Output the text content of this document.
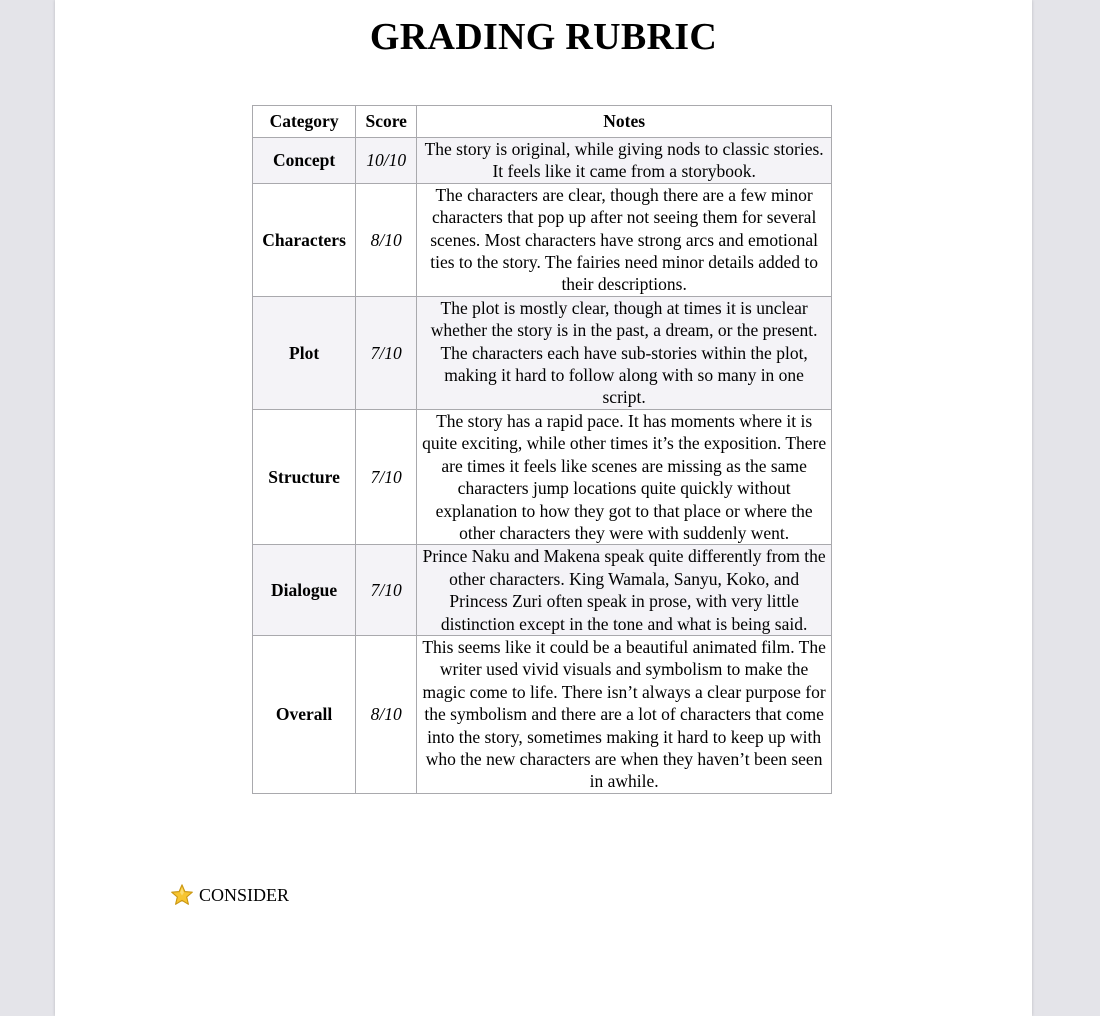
GRADING RUBRIC
Category	Score	Notes
Concept	10/10	The story is original, while giving nods to classic stories. It feels like it came from a storybook.
Characters	8/10	The characters are clear, though there are a few minor characters that pop up after not seeing them for several scenes. Most characters have strong arcs and emotional ties to the story. The fairies need minor details added to their descriptions.
Plot	7/10	The plot is mostly clear, though at times it is unclear whether the story is in the past, a dream, or the present. The characters each have sub-stories within the plot, making it hard to follow along with so many in one script.
Structure	7/10	The story has a rapid pace. It has moments where it is quite exciting, while other times it’s the exposition. There are times it feels like scenes are missing as the same characters jump locations quite quickly without explanation to how they got to that place or where the other characters they were with suddenly went.
Dialogue	7/10	Prince Naku and Makena speak quite differently from the other characters. King Wamala, Sanyu, Koko, and Princess Zuri often speak in prose, with very little distinction except in the tone and what is being said.
Overall	8/10	This seems like it could be a beautiful animated film. The writer used vivid visuals and symbolism to make the magic come to life. There isn’t always a clear purpose for the symbolism and there are a lot of characters that come into the story, sometimes making it hard to keep up with who the new characters are when they haven’t been seen in awhile.
CONSIDER
